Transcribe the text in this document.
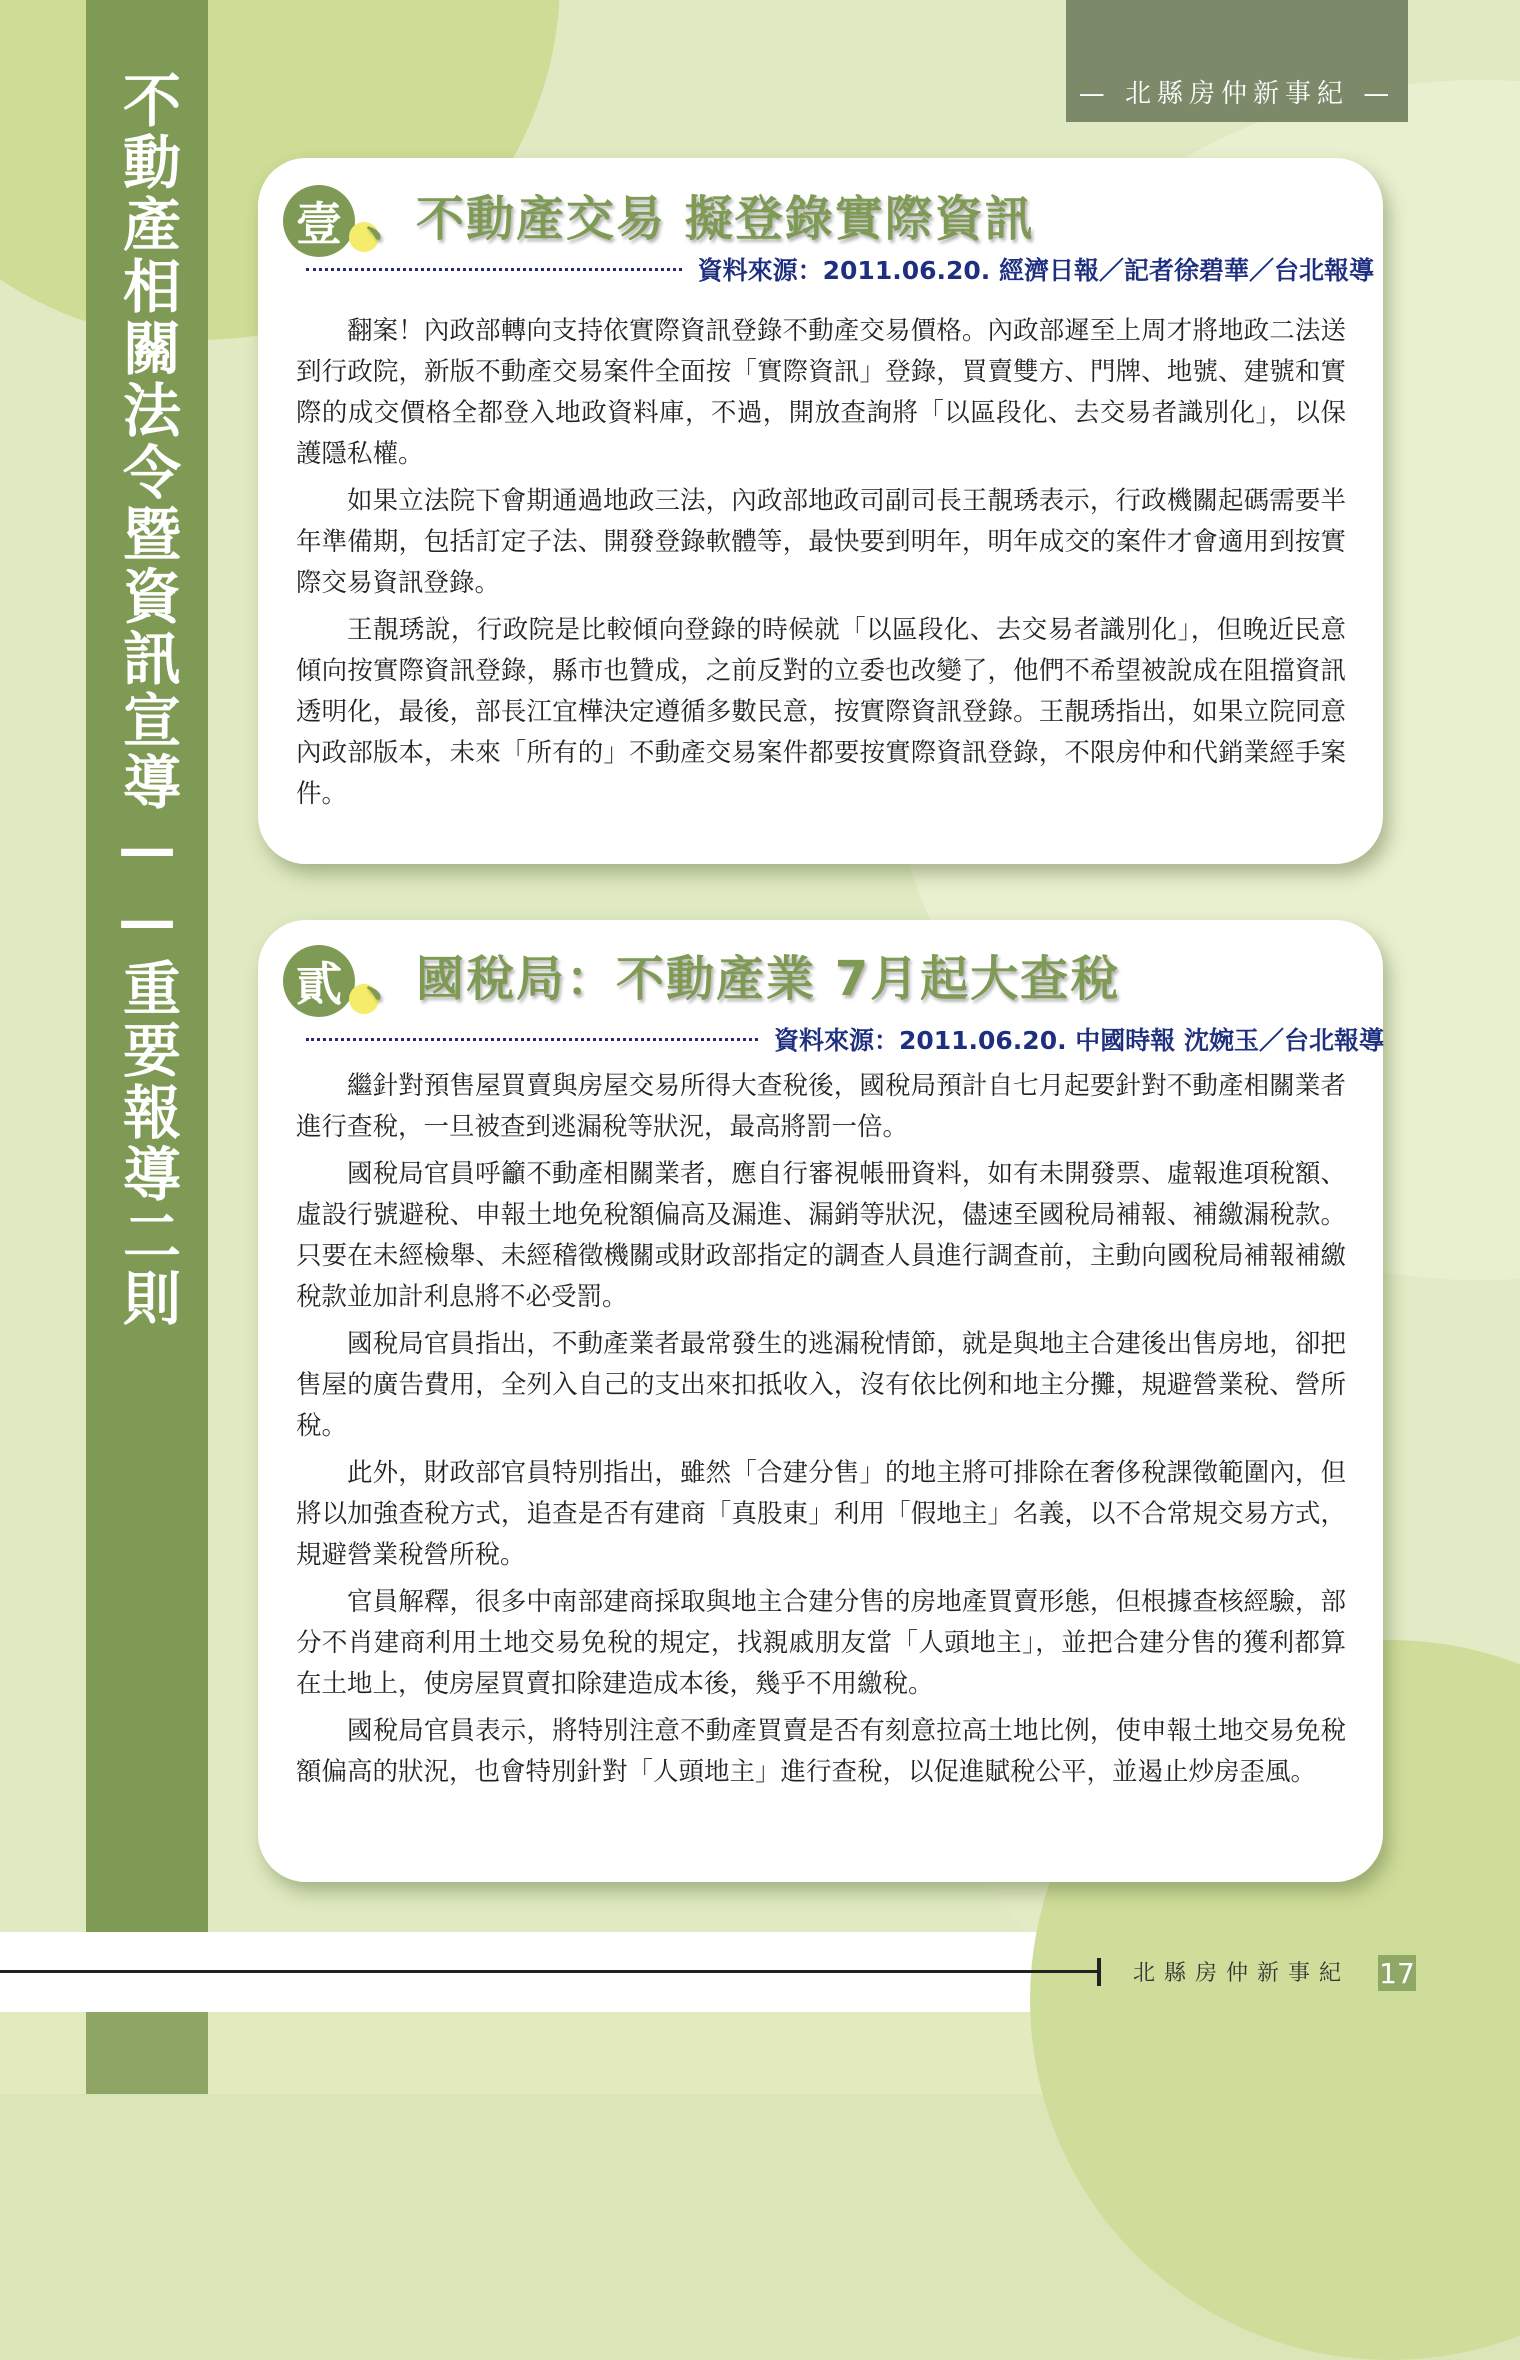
不動產相關法令暨資訊宣導——重要報導二則	— 北縣房仲新事紀 —
壹 、不動產交易 擬登錄實際資訊
資料來源：2011.06.20. 經濟日報／記者徐碧華／台北報導

翻案！內政部轉向支持依實際資訊登錄不動產交易價格。內政部遲至上周才將地政二法送到行政院，新版不動產交易案件全面按「實際資訊」登錄，買賣雙方、門牌、地號、建號和實際的成交價格全都登入地政資料庫，不過，開放查詢將「以區段化、去交易者識別化」，以保護隱私權。

如果立法院下會期通過地政三法，內政部地政司副司長王靚琇表示，行政機關起碼需要半年準備期，包括訂定子法、開發登錄軟體等，最快要到明年，明年成交的案件才會適用到按實際交易資訊登錄。

王靚琇說，行政院是比較傾向登錄的時候就「以區段化、去交易者識別化」，但晚近民意傾向按實際資訊登錄，縣市也贊成，之前反對的立委也改變了，他們不希望被說成在阻擋資訊透明化，最後，部長江宜樺決定遵循多數民意，按實際資訊登錄。王靚琇指出，如果立院同意內政部版本，未來「所有的」不動產交易案件都要按實際資訊登錄，不限房仲和代銷業經手案件。

貳 、國稅局：不動產業 7月起大查稅
資料來源：2011.06.20. 中國時報 沈婉玉／台北報導

繼針對預售屋買賣與房屋交易所得大查稅後，國稅局預計自七月起要針對不動產相關業者進行查稅，一旦被查到逃漏稅等狀況，最高將罰一倍。

國稅局官員呼籲不動產相關業者，應自行審視帳冊資料，如有未開發票、虛報進項稅額、虛設行號避稅、申報土地免稅額偏高及漏進、漏銷等狀況，儘速至國稅局補報、補繳漏稅款。只要在未經檢舉、未經稽徵機關或財政部指定的調查人員進行調查前，主動向國稅局補報補繳稅款並加計利息將不必受罰。

國稅局官員指出，不動產業者最常發生的逃漏稅情節，就是與地主合建後出售房地，卻把售屋的廣告費用，全列入自己的支出來扣抵收入，沒有依比例和地主分攤，規避營業稅、營所稅。

此外，財政部官員特別指出，雖然「合建分售」的地主將可排除在奢侈稅課徵範圍內，但將以加強查稅方式，追查是否有建商「真股東」利用「假地主」名義，以不合常規交易方式，規避營業稅營所稅。

官員解釋，很多中南部建商採取與地主合建分售的房地產買賣形態，但根據查核經驗，部分不肖建商利用土地交易免稅的規定，找親戚朋友當「人頭地主」，並把合建分售的獲利都算在土地上，使房屋買賣扣除建造成本後，幾乎不用繳稅。

國稅局官員表示，將特別注意不動產買賣是否有刻意拉高土地比例，使申報土地交易免稅額偏高的狀況，也會特別針對「人頭地主」進行查稅，以促進賦稅公平，並遏止炒房歪風。

北縣房仲新事紀 17
